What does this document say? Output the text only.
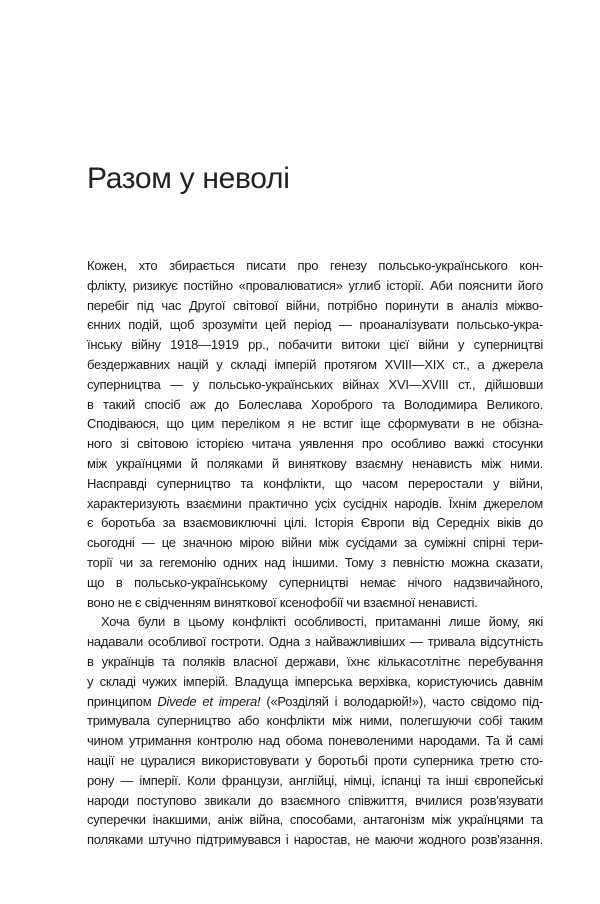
Разом у неволі
Кожен, хто збирається писати про генезу польсько-українського кон-
флікту, ризикує постійно «провалюватися» углиб історії. Аби пояснити його
перебіг під час Другої світової війни, потрібно поринути в аналіз міжво-
єнних подій, щоб зрозуміти цей період — проаналізувати польсько-укра-
їнську війну 1918—1919 рр., побачити витоки цієї війни у суперництві
бездержавних націй у складі імперій протягом XVIII—XIX ст., а джерела
суперництва — у польсько-українських війнах XVI—XVIII ст., дійшовши
в такий спосіб аж до Болеслава Хороброго та Володимира Великого.
Сподіваюся, що цим переліком я не встиг іще сформувати в не обізна-
ного зі світовою історією читача уявлення про особливо важкі стосунки
між українцями й поляками й виняткову взаємну ненависть між ними.
Насправді суперництво та конфлікти, що часом переростали у війни,
характеризують взаємини практично усіх сусідніх народів. Їхнім джерелом
є боротьба за взаємовиключні цілі. Історія Європи від Середніх віків до
сьогодні — це значною мірою війни між сусідами за суміжні спірні тери-
торії чи за гегемонію одних над іншими. Тому з певністю можна сказати,
що в польсько-українському суперництві немає нічого надзвичайного,
воно не є свідченням виняткової ксенофобії чи взаємної ненависті.
Хоча були в цьому конфлікті особливості, притаманні лише йому, які
надавали особливої гостроти. Одна з найважливіших — тривала відсутність
в українців та поляків власної держави, їхнє кількасотлітнє перебування
у складі чужих імперій. Владуща імперська верхівка, користуючись давнім
принципом Divede et impera! («Розділяй і володарюй!»), часто свідомо під-
тримувала суперництво або конфлікти між ними, полегшуючи собі таким
чином утримання контролю над обома поневоленими народами. Та й самі
нації не цуралися використовувати у боротьбі проти суперника третю сто-
рону — імперії. Коли французи, англійці, німці, іспанці та інші європейські
народи поступово звикали до взаємного співжиття, вчилися розв'язувати
суперечки інакшими, аніж війна, способами, антагонізм між українцями та
поляками штучно підтримувався і наростав, не маючи жодного розв'язання.
